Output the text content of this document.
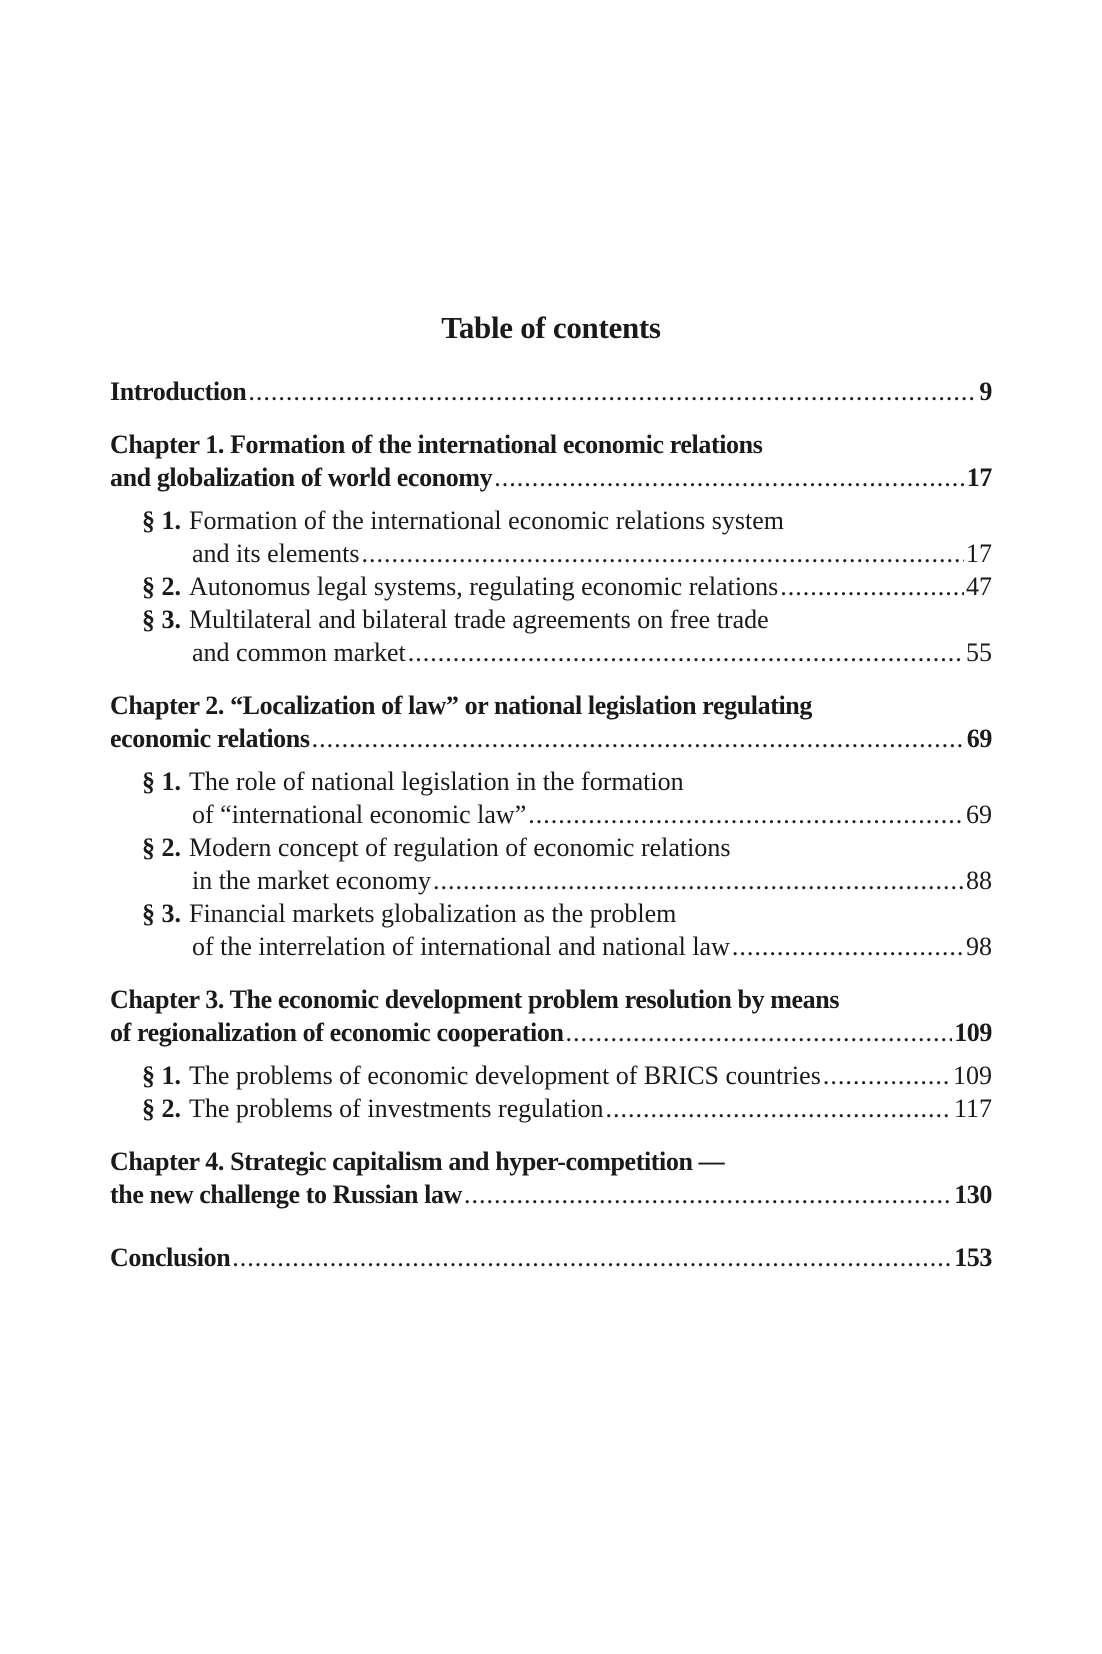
Table of contents
Introduction .....	9
Chapter 1. Formation of the international economic relations
and globalization of world economy .....	17
§ 1. Formation of the international economic relations system
and its elements .....	17
§ 2. Autonomus legal systems, regulating economic relations .....	47
§ 3. Multilateral and bilateral trade agreements on free trade
and common market .....	55
Chapter 2. “Localization of law” or national legislation regulating
economic relations .....	69
§ 1. The role of national legislation in the formation
of “international economic law” .....	69
§ 2. Modern concept of regulation of economic relations
in the market economy .....	88
§ 3. Financial markets globalization as the problem
of the interrelation of international and national law .....	98
Chapter 3. The economic development problem resolution by means
of regionalization of economic cooperation .....	109
§ 1. The problems of economic development of BRICS countries .....	109
§ 2. The problems of investments regulation .....	117
Chapter 4. Strategic capitalism and hyper-competition —
the new challenge to Russian law .....	130
Conclusion .....	153
